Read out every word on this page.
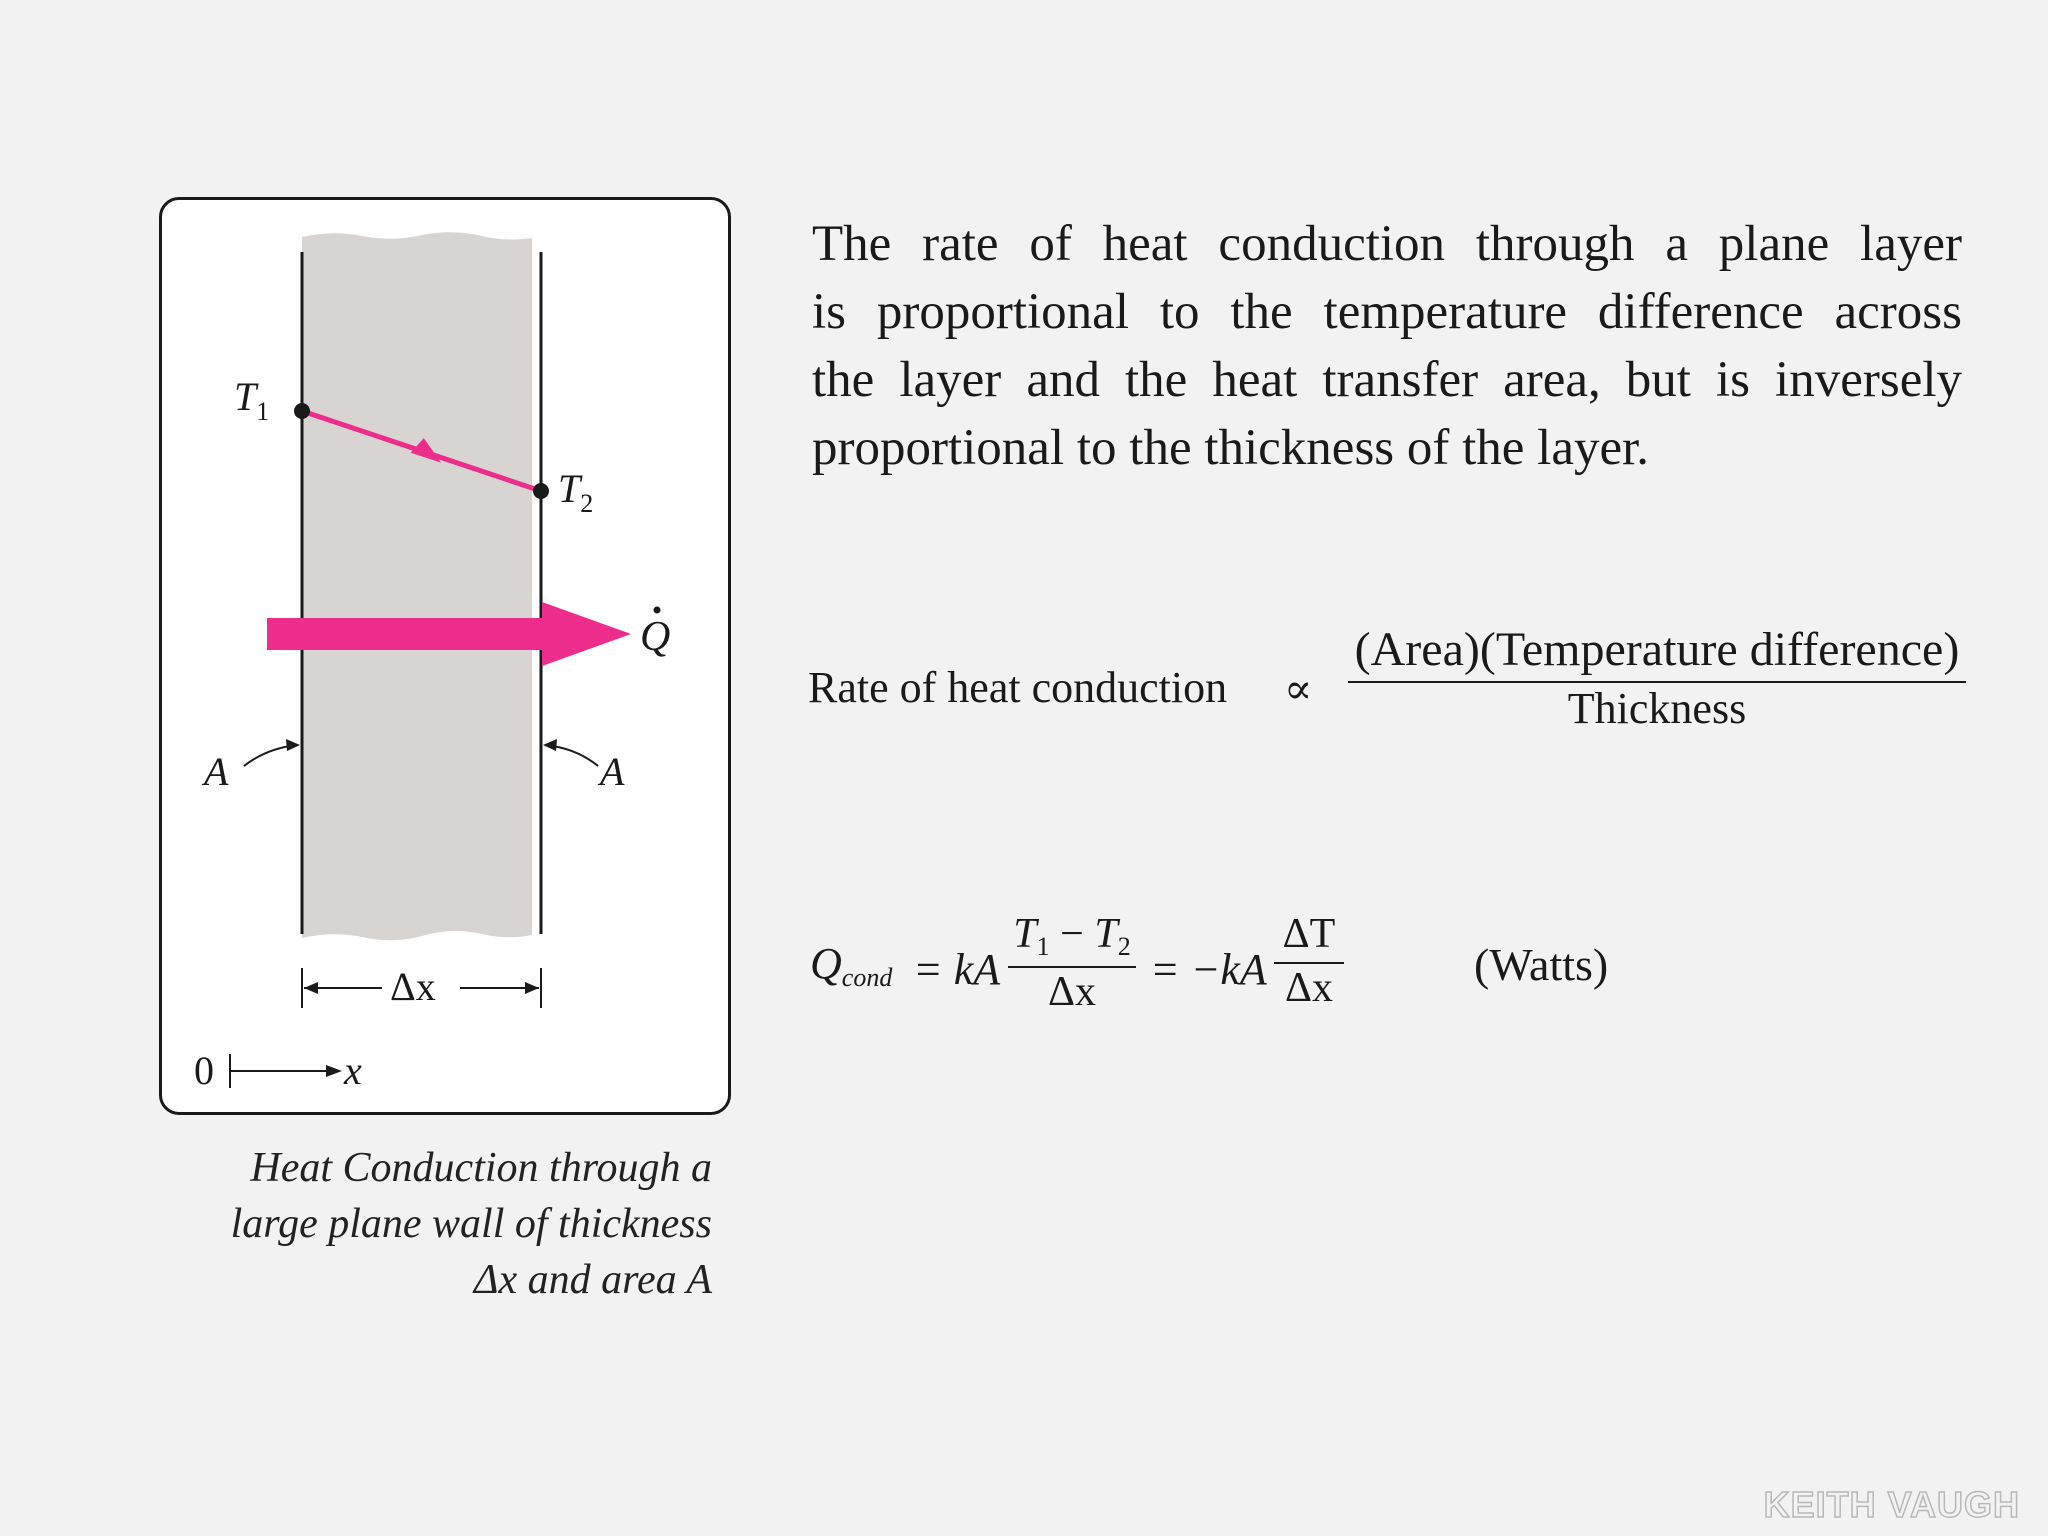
$T_1$
$T_2$
Q
A	A
Δx
0	x
Heat Conduction through a
large plane wall of thickness
Δx and area A
The rate of heat conduction through a plane layer
is proportional to the temperature difference across
the layer and the heat transfer area, but is inversely
proportional to the thickness of the layer.
Rate of heat conduction ∝
(Area)(Temperature difference)
Thickness
$Q_{cond}$ = kA
T1 − T2
Δx	= −kA
ΔT
Δx	(Watts)
KEITH VAUGH
